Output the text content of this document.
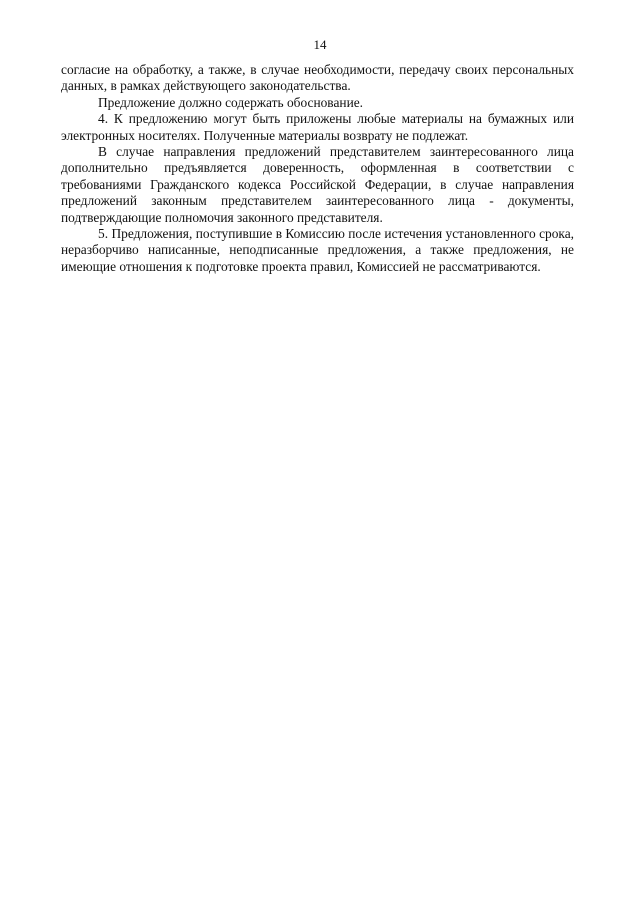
14

согласие на обработку, а также, в случае необходимости, передачу своих персональных данных, в рамках действующего законодательства.

Предложение должно содержать обоснование.

4. К предложению могут быть приложены любые материалы на бумажных или электронных носителях. Полученные материалы возврату не подлежат.

В случае направления предложений представителем заинтересованного лица дополнительно предъявляется доверенность, оформленная в соответствии с требованиями Гражданского кодекса Российской Федерации, в случае направления предложений законным представителем заинтересованного лица - документы, подтверждающие полномочия законного представителя.

5. Предложения, поступившие в Комиссию после истечения установленного срока, неразборчиво написанные, неподписанные предложения, а также предложения, не имеющие отношения к подготовке проекта правил, Комиссией не рассматриваются.
